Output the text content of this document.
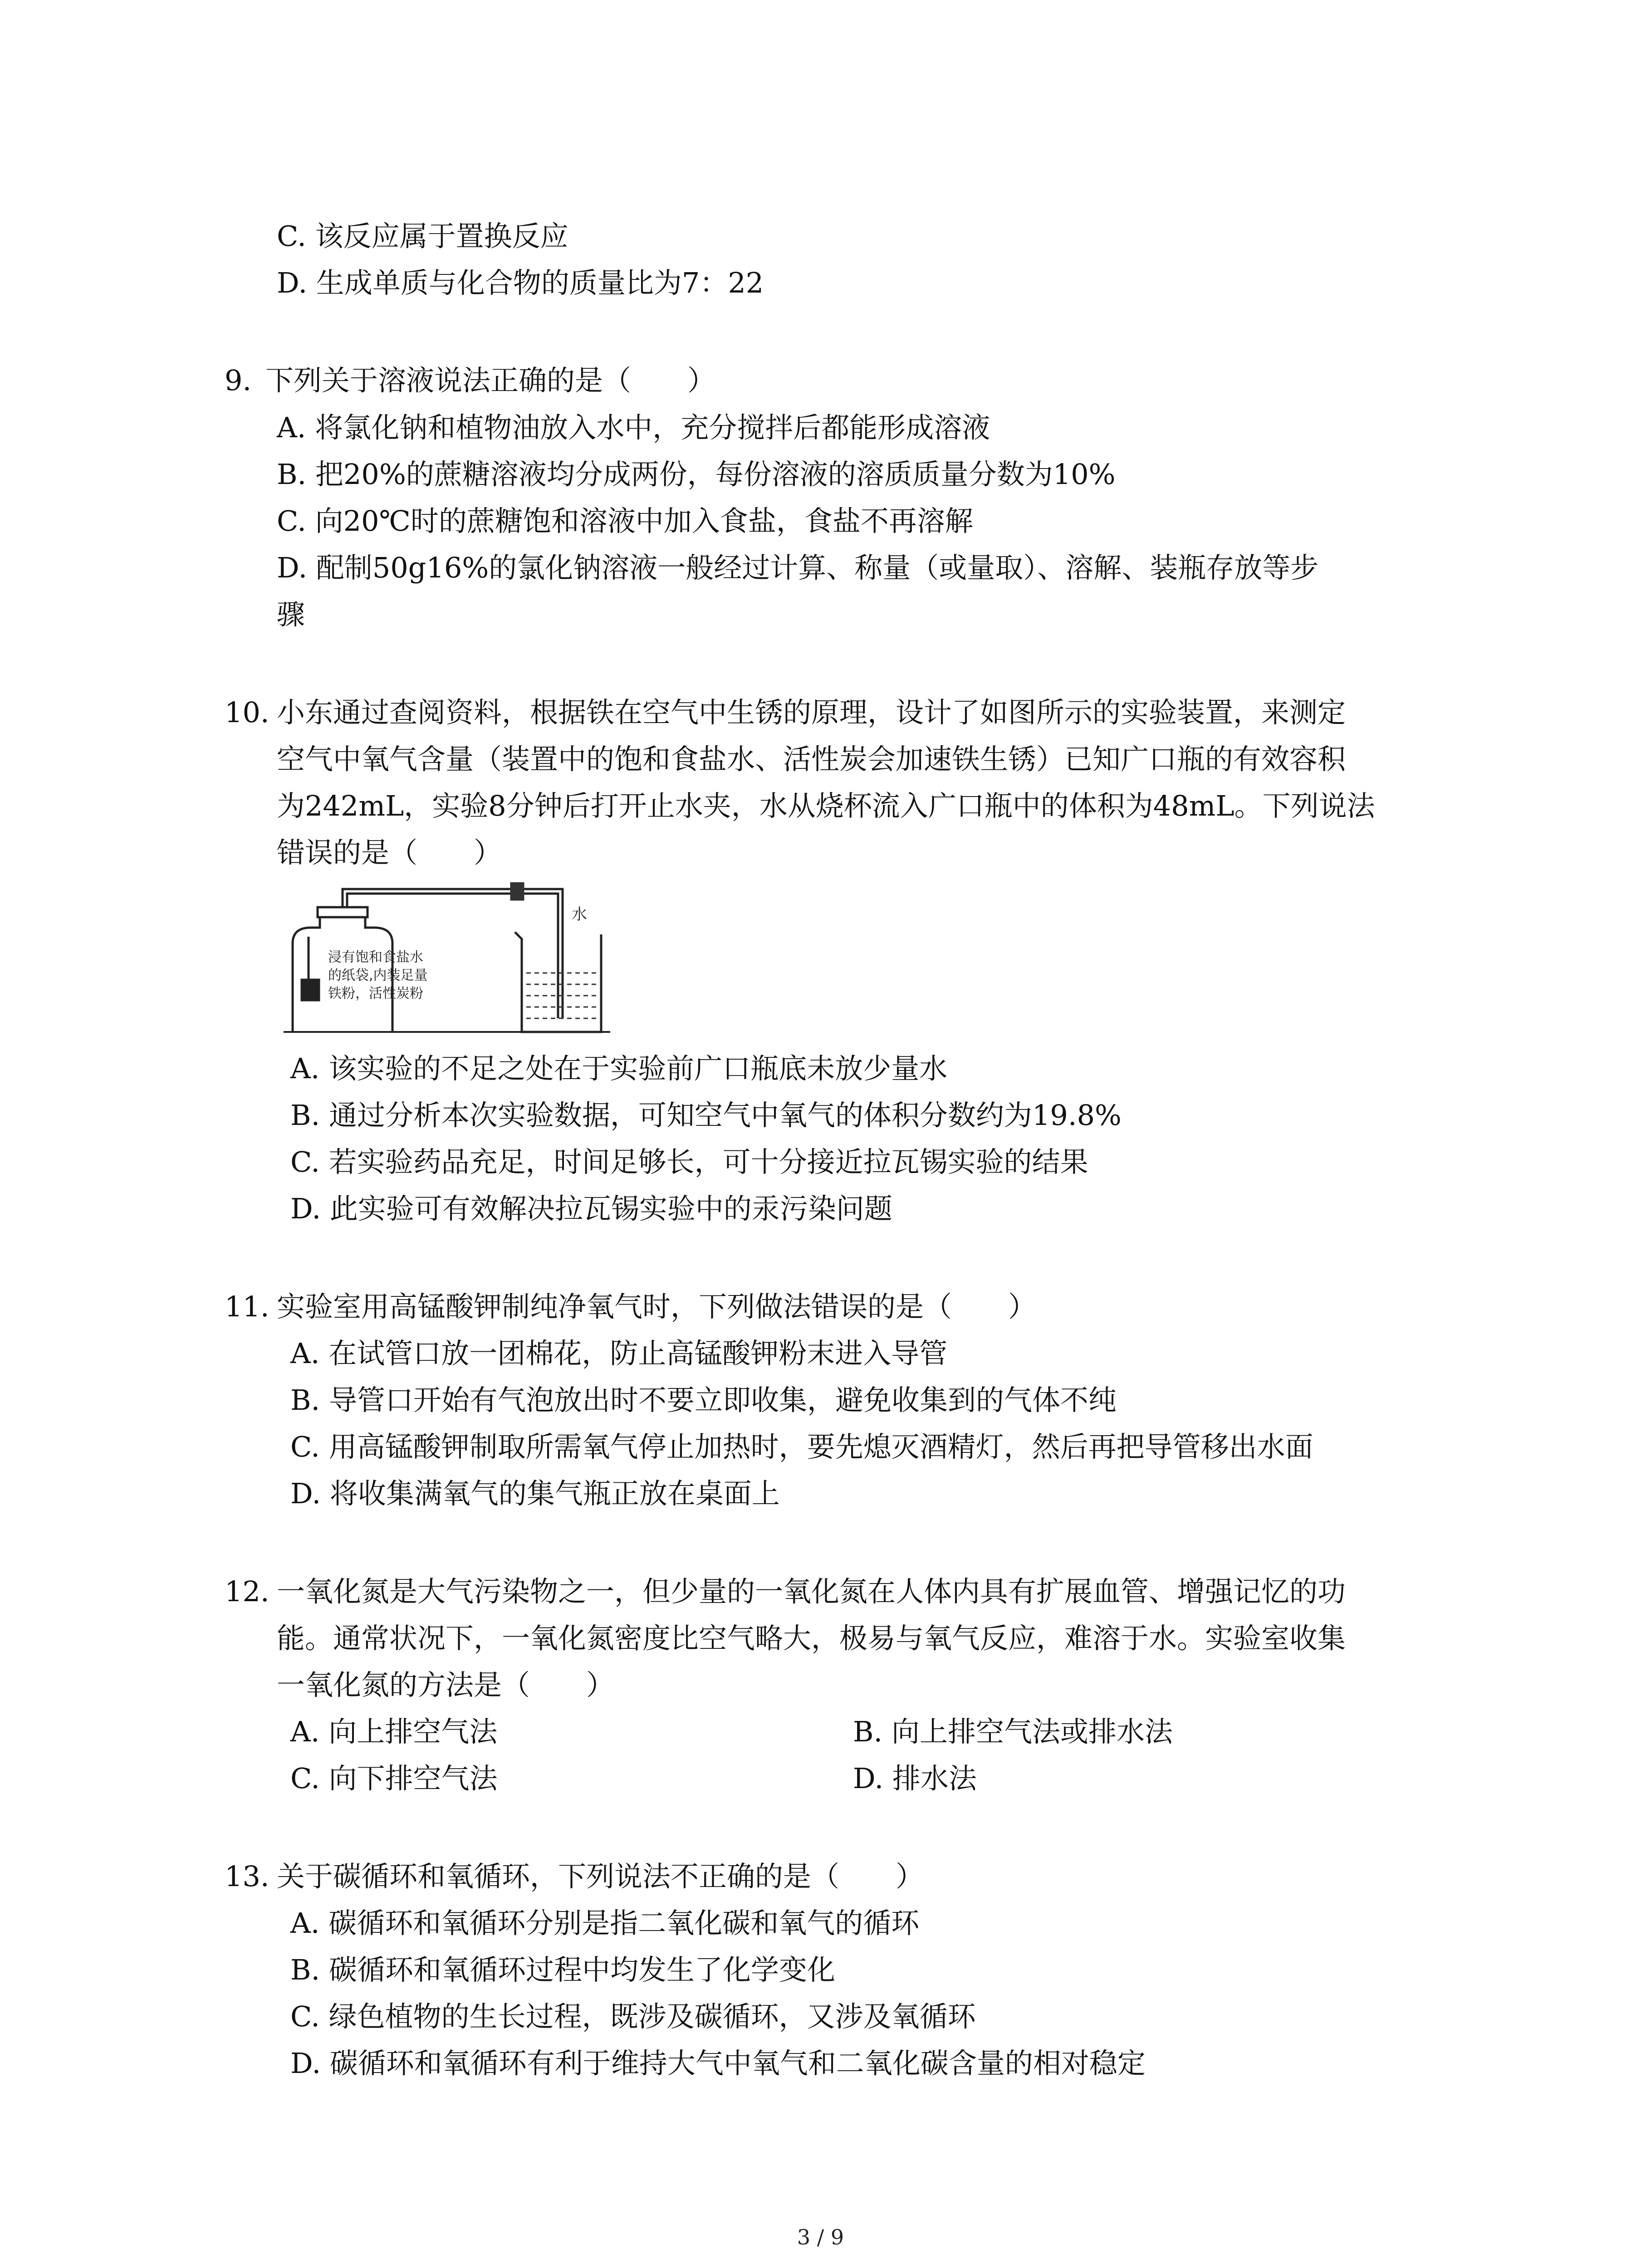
C. 该反应属于置换反应
D. 生成单质与化合物的质量比为7：22
9. 下列关于溶液说法正确的是（　　）
A. 将氯化钠和植物油放入水中，充分搅拌后都能形成溶液
B. 把20%的蔗糖溶液均分成两份，每份溶液的溶质质量分数为10%
C. 向20℃时的蔗糖饱和溶液中加入食盐，食盐不再溶解
D. 配制50g16%的氯化钠溶液一般经过计算、称量（或量取）、溶解、装瓶存放等步
骤
10. 小东通过查阅资料，根据铁在空气中生锈的原理，设计了如图所示的实验装置，来测定
空气中氧气含量（装置中的饱和食盐水、活性炭会加速铁生锈）已知广口瓶的有效容积
为242mL，实验8分钟后打开止水夹，水从烧杯流入广口瓶中的体积为48mL。下列说法
错误的是（　　）
水
浸有饱和食盐水
的纸袋,内装足量
铁粉，活性炭粉
A. 该实验的不足之处在于实验前广口瓶底未放少量水
B. 通过分析本次实验数据，可知空气中氧气的体积分数约为19.8%
C. 若实验药品充足，时间足够长，可十分接近拉瓦锡实验的结果
D. 此实验可有效解决拉瓦锡实验中的汞污染问题
11. 实验室用高锰酸钾制纯净氧气时，下列做法错误的是（　　）
A. 在试管口放一团棉花，防止高锰酸钾粉末进入导管
B. 导管口开始有气泡放出时不要立即收集，避免收集到的气体不纯
C. 用高锰酸钾制取所需氧气停止加热时，要先熄灭酒精灯，然后再把导管移出水面
D. 将收集满氧气的集气瓶正放在桌面上
12. 一氧化氮是大气污染物之一，但少量的一氧化氮在人体内具有扩展血管、增强记忆的功
能。通常状况下，一氧化氮密度比空气略大，极易与氧气反应，难溶于水。实验室收集
一氧化氮的方法是（　　）
A. 向上排空气法	B. 向上排空气法或排水法
C. 向下排空气法	D. 排水法
13. 关于碳循环和氧循环，下列说法不正确的是（　　）
A. 碳循环和氧循环分别是指二氧化碳和氧气的循环
B. 碳循环和氧循环过程中均发生了化学变化
C. 绿色植物的生长过程，既涉及碳循环，又涉及氧循环
D. 碳循环和氧循环有利于维持大气中氧气和二氧化碳含量的相对稳定
3 / 9
